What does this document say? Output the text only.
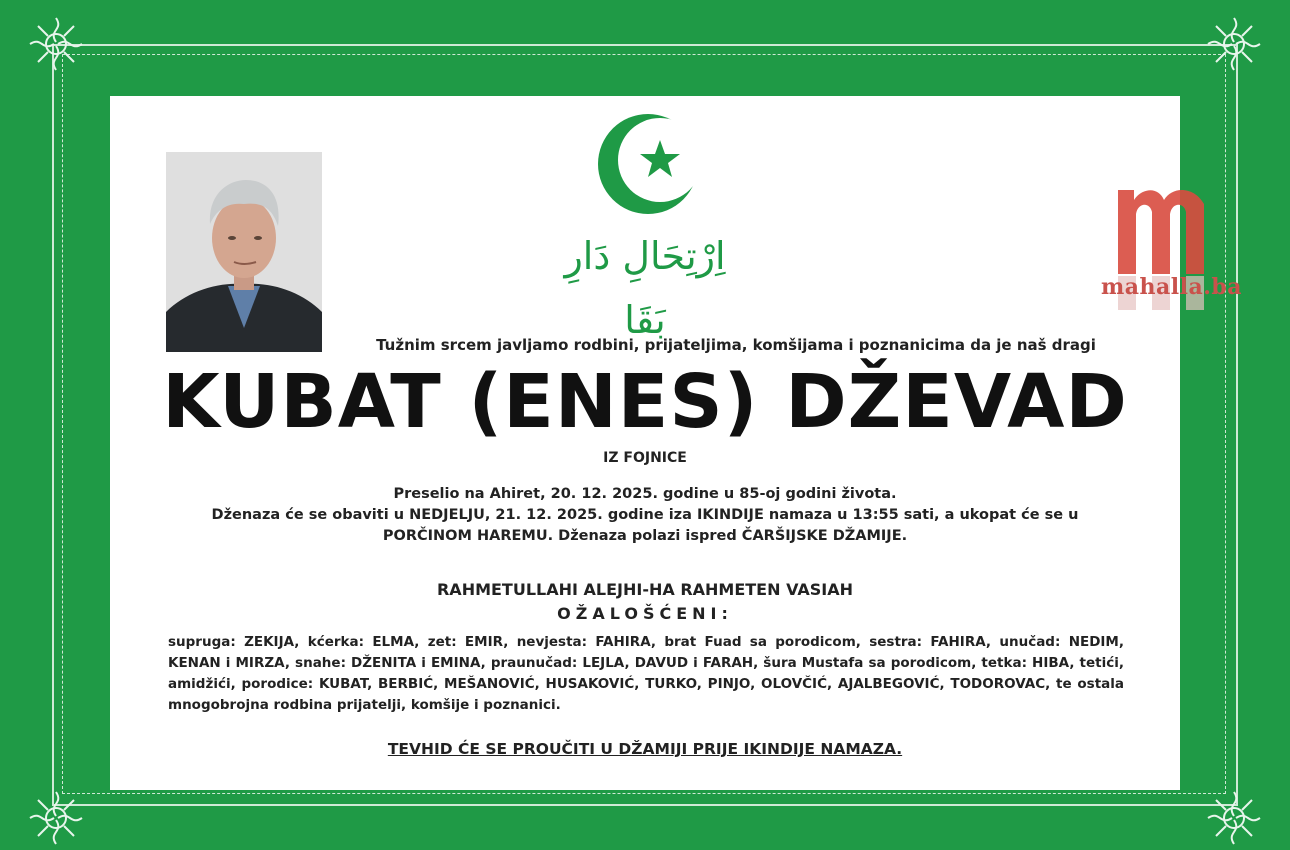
اِرْتِحَالِ دَارِ بَقَا
mahalla.ba
Tužnim srcem javljamo rodbini, prijateljima, komšijama i poznanicima da je naš dragi
KUBAT (ENES) DŽEVAD
IZ FOJNICE
Preselio na Ahiret, 20. 12. 2025. godine u 85-oj godini života.
Dženaza će se obaviti u NEDJELJU, 21. 12. 2025. godine iza IKINDIJE namaza u 13:55 sati, a ukopat će se u
PORČINOM HAREMU. Dženaza polazi ispred ČARŠIJSKE DŽAMIJE.
RAHMETULLAHI ALEJHI-HA RAHMETEN VASIAH
OŽALOŠĆENI:
supruga: ZEKIJA, kćerka: ELMA, zet: EMIR, nevjesta: FAHIRA, brat Fuad sa porodicom, sestra: FAHIRA, unučad: NEDIM, KENAN i MIRZA, snahe: DŽENITA i EMINA, praunučad: LEJLA, DAVUD i FARAH, šura Mustafa sa porodicom, tetka: HIBA, tetići, amidžići, porodice: KUBAT, BERBIĆ, MEŠANOVIĆ, HUSAKOVIĆ, TURKO, PINJO, OLOVČIĆ, AJALBEGOVIĆ, TODOROVAC, te ostala mnogobrojna rodbina prijatelji, komšije i poznanici.
TEVHID ĆE SE PROUČITI U DŽAMIJI PRIJE IKINDIJE NAMAZA.
